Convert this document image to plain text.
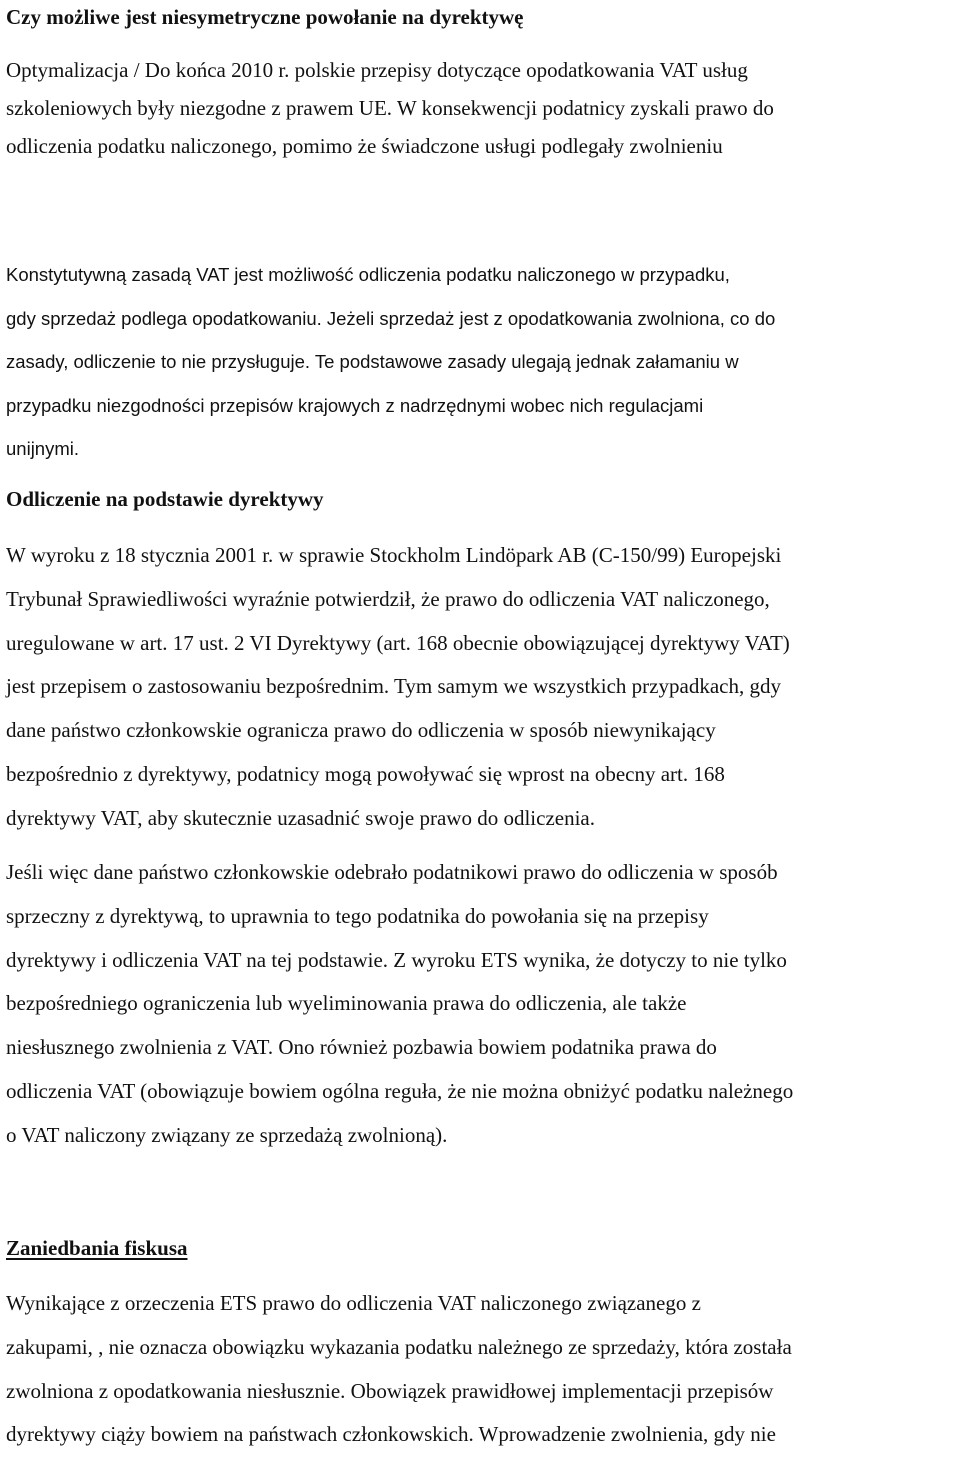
Czy możliwe jest niesymetryczne powołanie na dyrektywę
Optymalizacja / Do końca 2010 r. polskie przepisy dotyczące opodatkowania VAT usług
szkoleniowych były niezgodne z prawem UE. W konsekwencji podatnicy zyskali prawo do
odliczenia podatku naliczonego, pomimo że świadczone usługi podlegały zwolnieniu
Konstytutywną zasadą VAT jest możliwość odliczenia podatku naliczonego w przypadku,
gdy sprzedaż podlega opodatkowaniu. Jeżeli sprzedaż jest z opodatkowania zwolniona, co do
zasady, odliczenie to nie przysługuje. Te podstawowe zasady ulegają jednak załamaniu w
przypadku niezgodności przepisów krajowych z nadrzędnymi wobec nich regulacjami
unijnymi.
Odliczenie na podstawie dyrektywy
W wyroku z 18 stycznia 2001 r. w sprawie Stockholm Lindöpark AB (C-150/99) Europejski
Trybunał Sprawiedliwości wyraźnie potwierdził, że prawo do odliczenia VAT naliczonego,
uregulowane w art. 17 ust. 2 VI Dyrektywy (art. 168 obecnie obowiązującej dyrektywy VAT)
jest przepisem o zastosowaniu bezpośrednim. Tym samym we wszystkich przypadkach, gdy
dane państwo członkowskie ogranicza prawo do odliczenia w sposób niewynikający
bezpośrednio z dyrektywy, podatnicy mogą powoływać się wprost na obecny art. 168
dyrektywy VAT, aby skutecznie uzasadnić swoje prawo do odliczenia.
Jeśli więc dane państwo członkowskie odebrało podatnikowi prawo do odliczenia w sposób
sprzeczny z dyrektywą, to uprawnia to tego podatnika do powołania się na przepisy
dyrektywy i odliczenia VAT na tej podstawie. Z wyroku ETS wynika, że dotyczy to nie tylko
bezpośredniego ograniczenia lub wyeliminowania prawa do odliczenia, ale także
niesłusznego zwolnienia z VAT. Ono również pozbawia bowiem podatnika prawa do
odliczenia VAT (obowiązuje bowiem ogólna reguła, że nie można obniżyć podatku należnego
o VAT naliczony związany ze sprzedażą zwolnioną).
Zaniedbania fiskusa
Wynikające z orzeczenia ETS prawo do odliczenia VAT naliczonego związanego z
zakupami, , nie oznacza obowiązku wykazania podatku należnego ze sprzedaży, która została
zwolniona z opodatkowania niesłusznie. Obowiązek prawidłowej implementacji przepisów
dyrektywy ciąży bowiem na państwach członkowskich. Wprowadzenie zwolnienia, gdy nie
